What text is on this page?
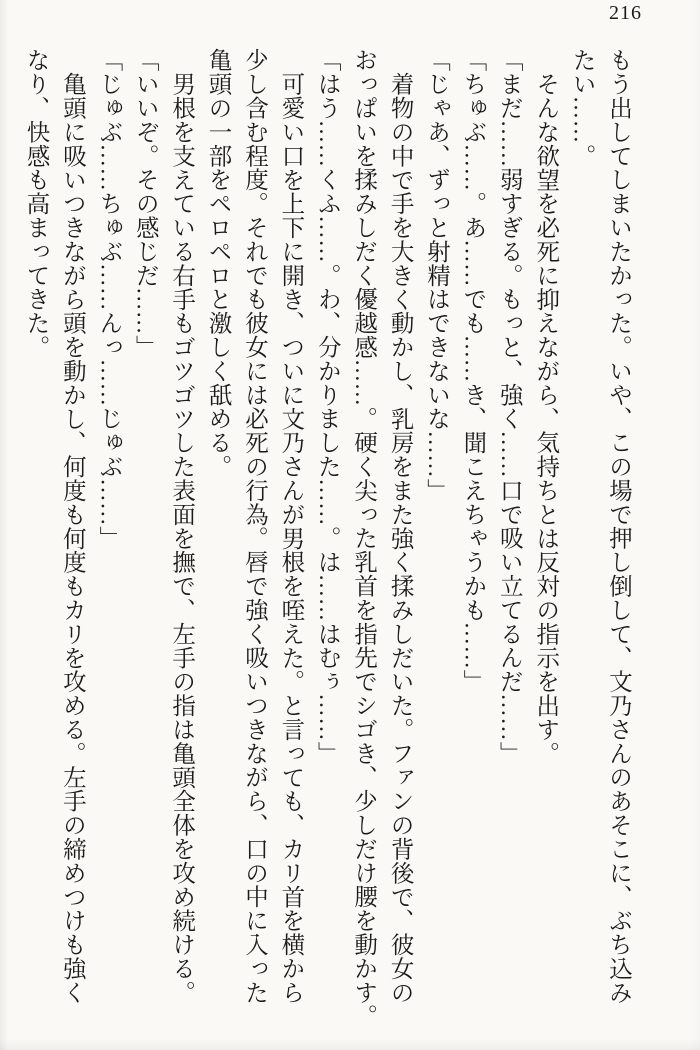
216
もう出してしまいたかった。いや、この場で押し倒して、文乃さんのあそこに、ぶち込み
たい……。
そんな欲望を必死に抑えながら、気持ちとは反対の指示を出す。
「まだ……弱すぎる。もっと、強く……口で吸い立てるんだ……」
「ちゅぶ……。あ……でも……き、聞こえちゃうかも……」
「じゃあ、ずっと射精はできないな……」
着物の中で手を大きく動かし、乳房をまた強く揉みしだいた。ファンの背後で、彼女の
おっぱいを揉みしだく優越感……。硬く尖った乳首を指先でシゴき、少しだけ腰を動かす。
「はう……くふ……。わ、分かりました……。は……はむぅ……」
可愛い口を上下に開き、ついに文乃さんが男根を咥えた。と言っても、カリ首を横から
少し含む程度。それでも彼女には必死の行為。唇で強く吸いつきながら、口の中に入った
亀頭の一部をペロペロと激しく舐める。
男根を支えている右手もゴツゴツした表面を撫で、左手の指は亀頭全体を攻め続ける。
「いいぞ。その感じだ……」
「じゅぶ……ちゅぶ……んっ……じゅぶ……」
亀頭に吸いつきながら頭を動かし、何度も何度もカリを攻める。左手の締めつけも強く
なり、快感も高まってきた。
